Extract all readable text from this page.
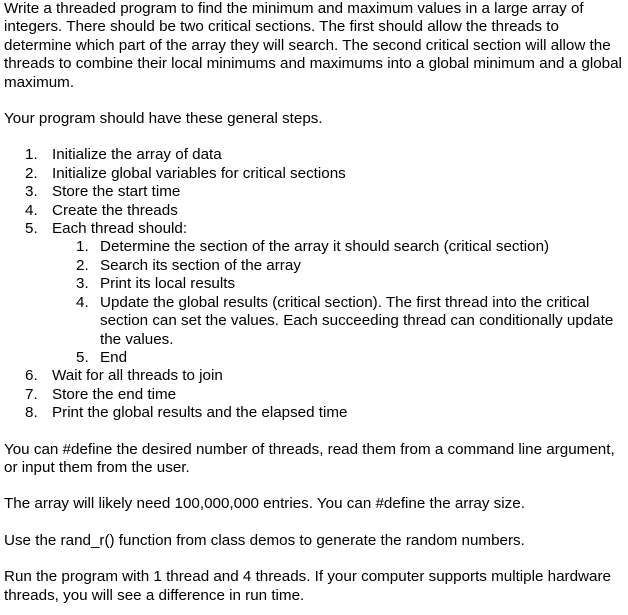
Write a threaded program to find the minimum and maximum values in a large array of integers. There should be two critical sections. The first should allow the threads to determine which part of the array they will search. The second critical section will allow the threads to combine their local minimums and maximums into a global minimum and a global maximum.

Your program should have these general steps.

1. Initialize the array of data
2. Initialize global variables for critical sections
3. Store the start time
4. Create the threads
5. Each thread should:
1. Determine the section of the array it should search (critical section)
2. Search its section of the array
3. Print its local results
4. Update the global results (critical section). The first thread into the critical section can set the values. Each succeeding thread can conditionally update the values.
5. End
6. Wait for all threads to join
7. Store the end time
8. Print the global results and the elapsed time

You can #define the desired number of threads, read them from a command line argument, or input them from the user.

The array will likely need 100,000,000 entries. You can #define the array size.

Use the rand_r() function from class demos to generate the random numbers.

Run the program with 1 thread and 4 threads. If your computer supports multiple hardware threads, you will see a difference in run time.
